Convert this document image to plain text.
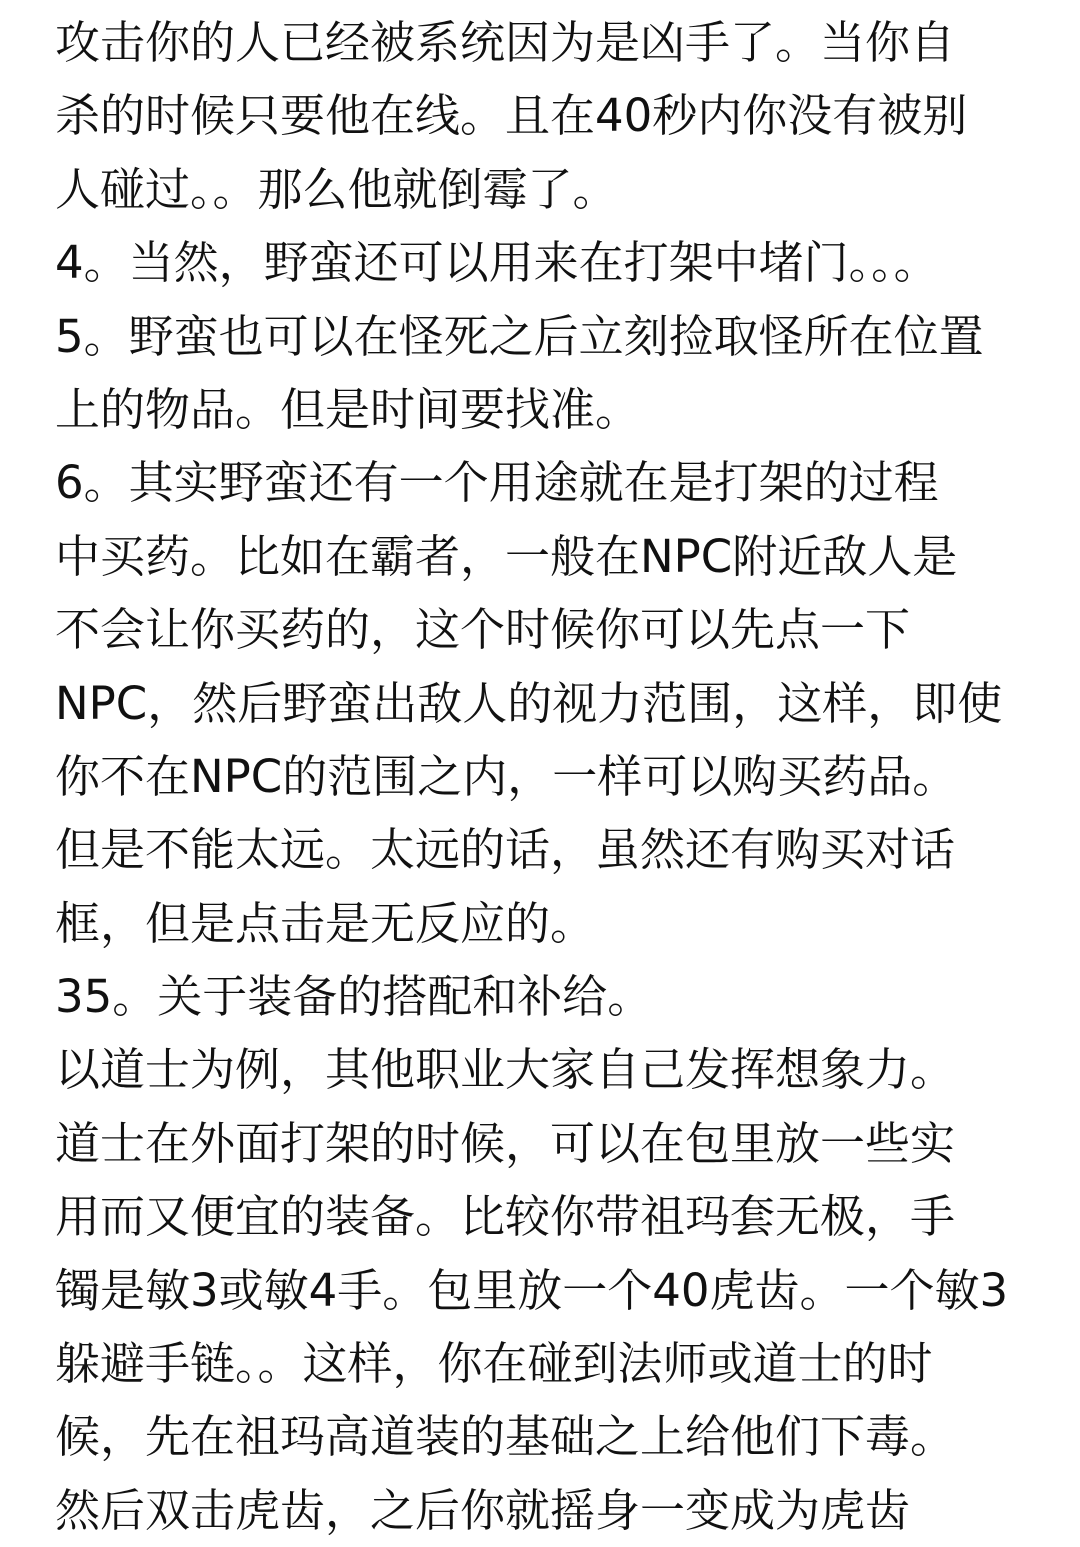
攻击你的人已经被系统因为是凶手了。当你自
杀的时候只要他在线。且在40秒内你没有被别
人碰过。。那么他就倒霉了。
4。当然，野蛮还可以用来在打架中堵门。。。
5。野蛮也可以在怪死之后立刻捡取怪所在位置
上的物品。但是时间要找准。
6。其实野蛮还有一个用途就在是打架的过程
中买药。比如在霸者，一般在NPC附近敌人是
不会让你买药的，这个时候你可以先点一下
NPC，然后野蛮出敌人的视力范围，这样，即使
你不在NPC的范围之内，一样可以购买药品。
但是不能太远。太远的话，虽然还有购买对话
框，但是点击是无反应的。
35。关于装备的搭配和补给。
以道士为例，其他职业大家自己发挥想象力。
道士在外面打架的时候，可以在包里放一些实
用而又便宜的装备。比较你带祖玛套无极，手
镯是敏3或敏4手。包里放一个40虎齿。一个敏3
躲避手链。。这样，你在碰到法师或道士的时
候，先在祖玛高道装的基础之上给他们下毒。
然后双击虎齿，之后你就摇身一变成为虎齿
